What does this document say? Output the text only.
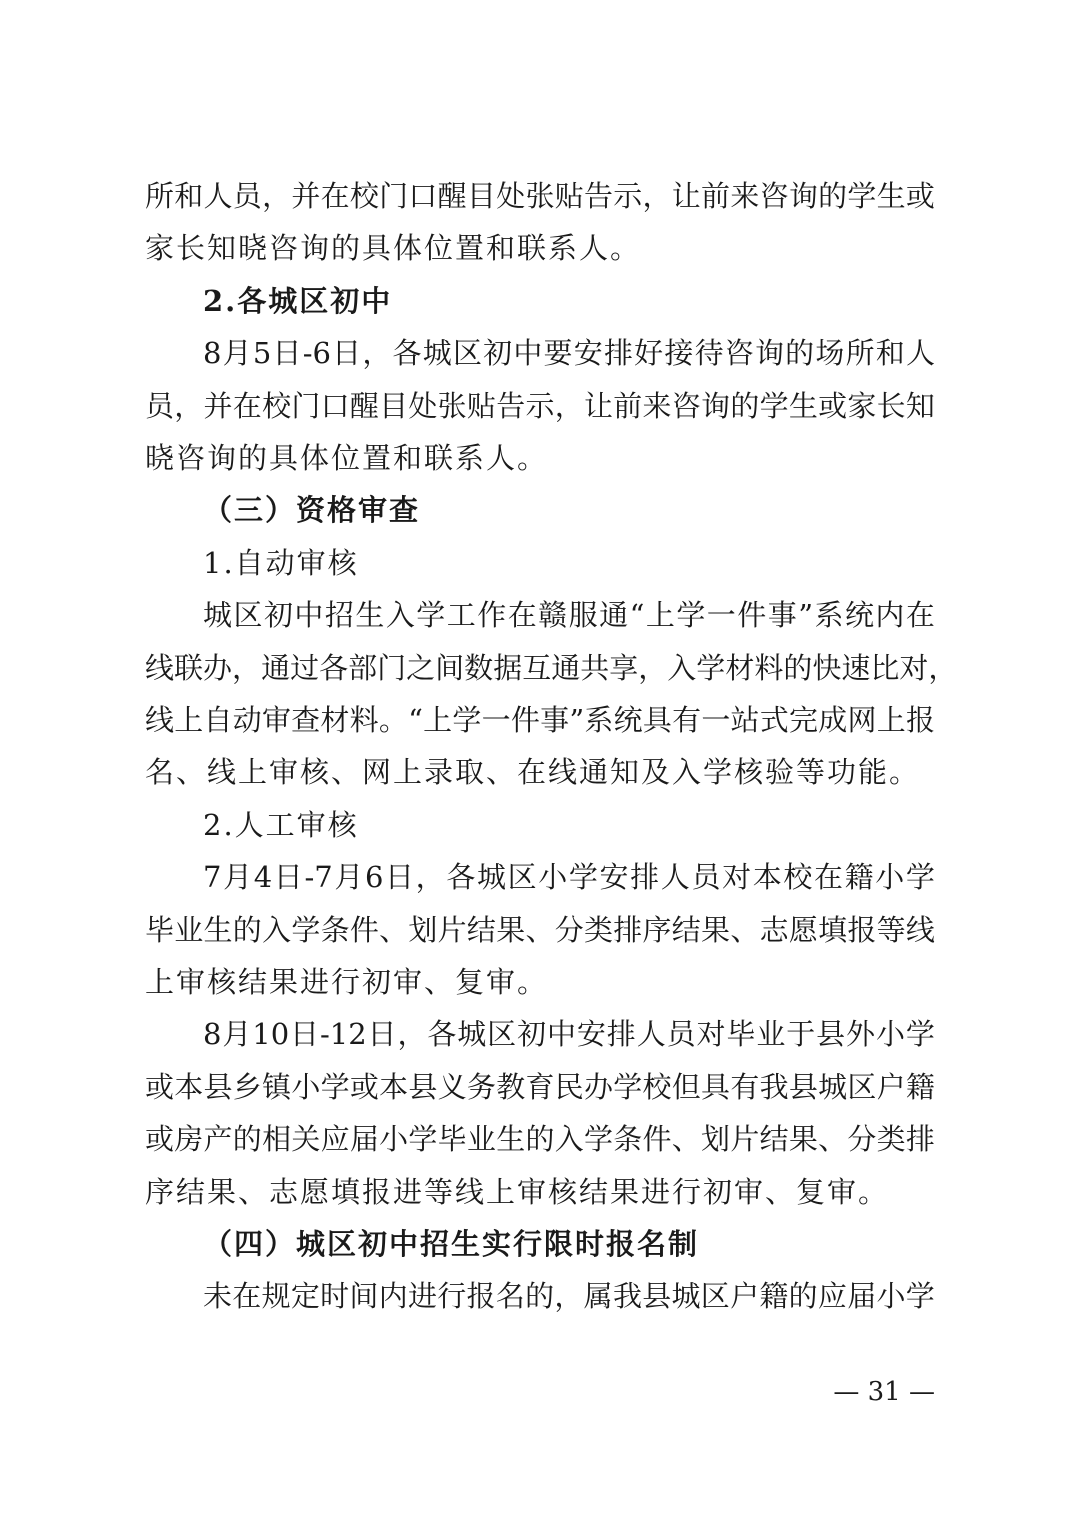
所 和 人 员 ， 并 在 校 门 口 醒 目 处 张 贴 告 示 ， 让 前 来 咨 询 的 学 生 或
家长知晓咨询的具体位置和联系人。
2.各城区初中
8 月 5 日 -6 日 ， 各 城 区 初 中 要 安 排 好 接 待 咨 询 的 场 所 和 人
员 ， 并 在 校 门 口 醒 目 处 张 贴 告 示 ， 让 前 来 咨 询 的 学 生 或 家 长 知
晓咨询的具体位置和联系人。
（三）资格审查
1.自动审核
城 区 初 中 招 生 入 学 工 作 在 赣 服 通 “ 上 学 一 件 事 ” 系 统 内 在
线 联 办 ， 通 过 各 部 门 之 间 数 据 互 通 共 享 ， 入 学 材 料 的 快 速 比 对 ，
线 上 自 动 审 查 材 料 。 “ 上 学 一 件 事 ” 系 统 具 有 一 站 式 完 成 网 上 报
名、线上审核、网上录取、在线通知及入学核验等功能。
2.人工审核
7 月 4 日 -7 月 6 日 ， 各 城 区 小 学 安 排 人 员 对 本 校 在 籍 小 学
毕 业 生 的 入 学 条 件 、 划 片 结 果 、 分 类 排 序 结 果 、 志 愿 填 报 等 线
上审核结果进行初审、复审。
8 月 10 日 -12 日 ， 各 城 区 初 中 安 排 人 员 对 毕 业 于 县 外 小 学
或 本 县 乡 镇 小 学 或 本 县 义 务 教 育 民 办 学 校 但 具 有 我 县 城 区 户 籍
或 房 产 的 相 关 应 届 小 学 毕 业 生 的 入 学 条 件 、 划 片 结 果 、 分 类 排
序结果、志愿填报进等线上审核结果进行初审、复审。
（四）城区初中招生实行限时报名制
未 在 规 定 时 间 内 进 行 报 名 的 ， 属 我 县 城 区 户 籍 的 应 届 小 学
— 31 —
